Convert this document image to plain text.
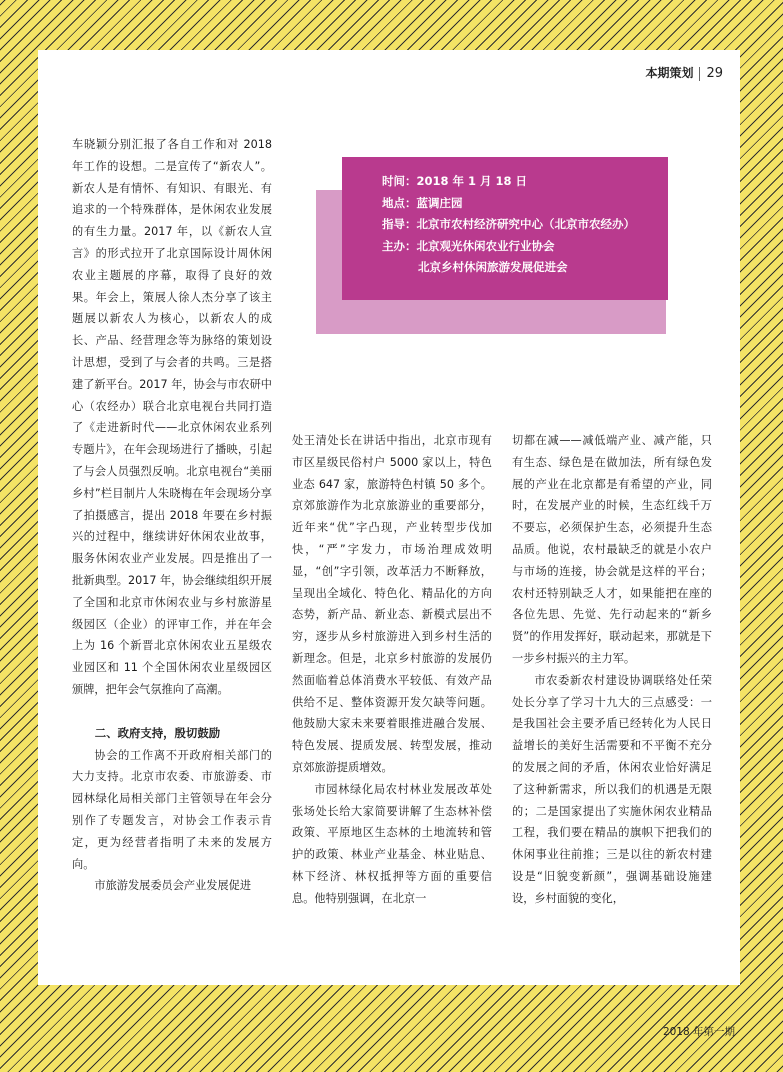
本期策划 29
时间：2018 年 1 月 18 日
地点：蓝调庄园
指导：北京市农村经济研究中心（北京市农经办）
主办：北京观光休闲农业行业协会
北京乡村休闲旅游发展促进会

车晓颖分别汇报了各自工作和对 2018 年工作的设想。二是宣传了“新农人”。新农人是有情怀、有知识、有眼光、有追求的一个特殊群体，是休闲农业发展的有生力量。2017 年，以《新农人宣言》的形式拉开了北京国际设计周休闲农业主题展的序幕，取得了良好的效果。年会上，策展人徐人杰分享了该主题展以新农人为核心，以新农人的成长、产品、经营理念等为脉络的策划设计思想，受到了与会者的共鸣。三是搭建了新平台。2017 年，协会与市农研中心（农经办）联合北京电视台共同打造了《走进新时代——北京休闲农业系列专题片》，在年会现场进行了播映，引起了与会人员强烈反响。北京电视台“美丽乡村”栏目制片人朱晓梅在年会现场分享了拍摄感言，提出 2018 年要在乡村振兴的过程中，继续讲好休闲农业故事，服务休闲农业产业发展。四是推出了一批新典型。2017 年，协会继续组织开展了全国和北京市休闲农业与乡村旅游星级园区（企业）的评审工作，并在年会上为 16 个新晋北京休闲农业五星级农业园区和 11 个全国休闲农业星级园区颁牌，把年会气氛推向了高潮。

二、政府支持，殷切鼓励

协会的工作离不开政府相关部门的大力支持。北京市农委、市旅游委、市园林绿化局相关部门主管领导在年会分别作了专题发言，对协会工作表示肯定，更为经营者指明了未来的发展方向。

市旅游发展委员会产业发展促进

处王清处长在讲话中指出，北京市现有市区星级民俗村户 5000 家以上，特色业态 647 家，旅游特色村镇 50 多个。京郊旅游作为北京旅游业的重要部分，近年来“优”字凸现，产业转型步伐加快，“严”字发力，市场治理成效明显，“创”字引领，改革活力不断释放，呈现出全域化、特色化、精品化的方向态势，新产品、新业态、新模式层出不穷，逐步从乡村旅游进入到乡村生活的新理念。但是，北京乡村旅游的发展仍然面临着总体消费水平较低、有效产品供给不足、整体资源开发欠缺等问题。他鼓励大家未来要着眼推进融合发展、特色发展、提质发展、转型发展，推动京郊旅游提质增效。

市园林绿化局农村林业发展改革处张场处长给大家简要讲解了生态林补偿政策、平原地区生态林的土地流转和管护的政策、林业产业基金、林业贴息、林下经济、林权抵押等方面的重要信息。他特别强调，在北京一

切都在减——减低端产业、减产能，只有生态、绿色是在做加法，所有绿色发展的产业在北京都是有希望的产业，同时，在发展产业的时候，生态红线千万不要忘，必须保护生态，必须提升生态品质。他说，农村最缺乏的就是小农户与市场的连接，协会就是这样的平台；农村还特别缺乏人才，如果能把在座的各位先思、先觉、先行动起来的“新乡贤”的作用发挥好，联动起来，那就是下一步乡村振兴的主力军。

市农委新农村建设协调联络处任荣处长分享了学习十九大的三点感受：一是我国社会主要矛盾已经转化为人民日益增长的美好生活需要和不平衡不充分的发展之间的矛盾，休闲农业恰好满足了这种新需求，所以我们的机遇是无限的；二是国家提出了实施休闲农业精品工程，我们要在精品的旗帜下把我们的休闲事业往前推；三是以往的新农村建设是“旧貌变新颜”，强调基础设施建设，乡村面貌的变化，

2018 年第一期
